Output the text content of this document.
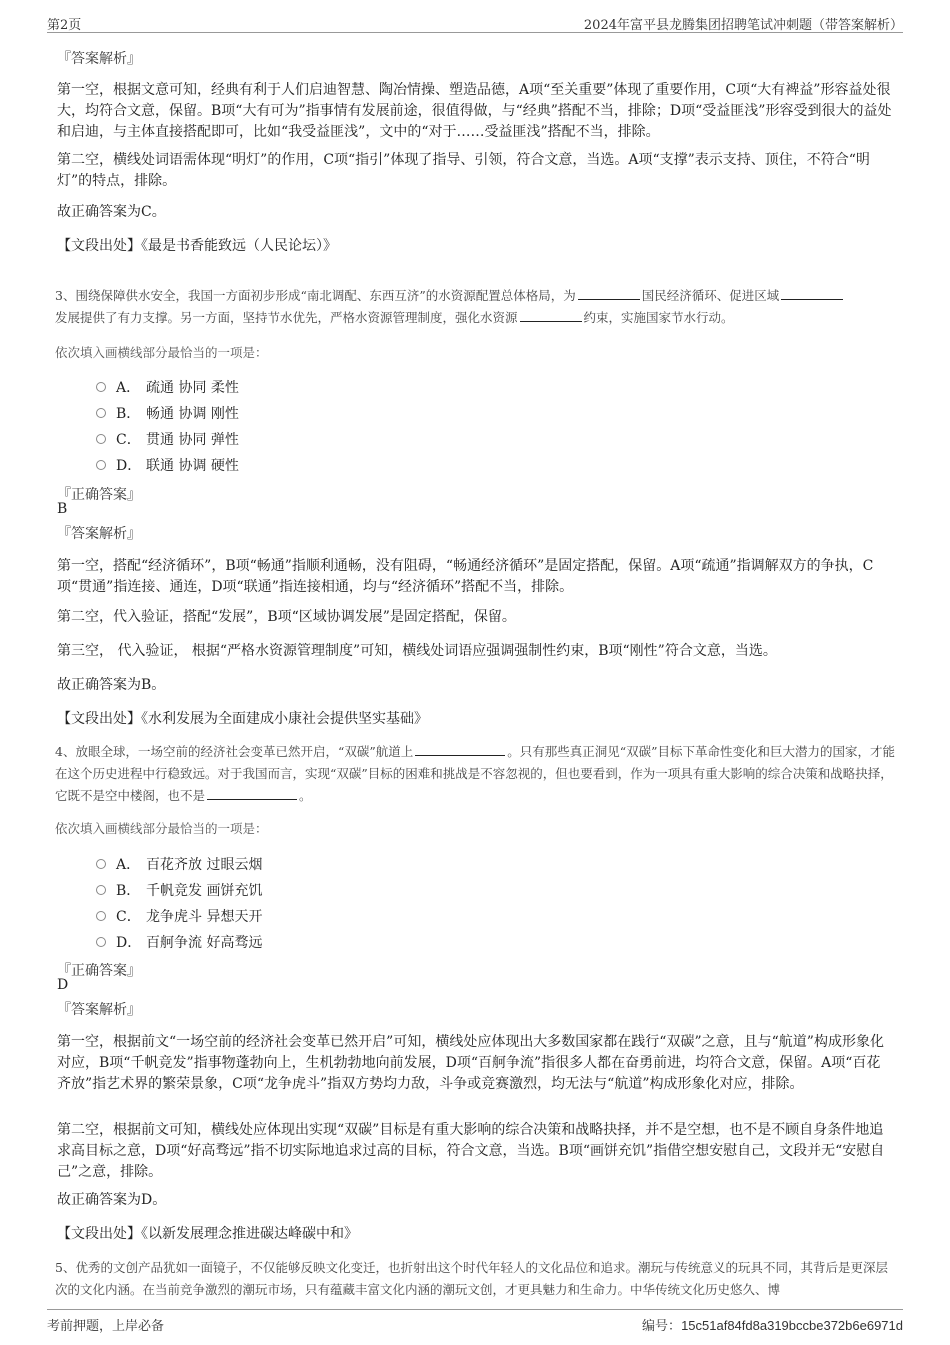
第2页	2024年富平县龙腾集团招聘笔试冲刺题（带答案解析）
『答案解析』
第一空，根据文意可知，经典有利于人们启迪智慧、陶冶情操、塑造品德，A项“至关重要”体现了重要作用，C项“大有裨益”形容益处很大，均符合文意，保留。B项“大有可为”指事情有发展前途，很值得做，与“经典”搭配不当，排除；D项“受益匪浅”形容受到很大的益处和启迪，与主体直接搭配即可，比如“我受益匪浅”，文中的“对于……受益匪浅”搭配不当，排除。
第二空，横线处词语需体现“明灯”的作用，C项“指引”体现了指导、引领，符合文意，当选。A项“支撑”表示支持、顶住，不符合“明灯”的特点，排除。
故正确答案为C。
【文段出处】《最是书香能致远（人民论坛）》
3、围绕保障供水安全，我国一方面初步形成“南北调配、东西互济”的水资源配置总体格局，为	国民经济循环、促进区域
发展提供了有力支撑。另一方面，坚持节水优先，严格水资源管理制度，强化水资源	约束，实施国家节水行动。
依次填入画横线部分最恰当的一项是：
A． 疏通 协同 柔性
B． 畅通 协调 刚性
C． 贯通 协同 弹性
D． 联通 协调 硬性
『正确答案』
B
『答案解析』
第一空，搭配“经济循环”，B项“畅通”指顺利通畅，没有阻碍，“畅通经济循环”是固定搭配，保留。A项“疏通”指调解双方的争执，C项“贯通”指连接、通连，D项“联通”指连接相通，均与“经济循环”搭配不当，排除。
第二空，代入验证，搭配“发展”，B项“区域协调发展”是固定搭配，保留。
第三空， 代入验证， 根据“严格水资源管理制度”可知，横线处词语应强调强制性约束，B项“刚性”符合文意，当选。
故正确答案为B。
【文段出处】《水利发展为全面建成小康社会提供坚实基础》
4、放眼全球，一场空前的经济社会变革已然开启，“双碳”航道上	。只有那些真正洞见“双碳”目标下革命性变化和巨大潜力的国家，才能在这个历史进程中行稳致远。对于我国而言，实现“双碳”目标的困难和挑战是不容忽视的，但也要看到，作为一项具有重大影响的综合决策和战略抉择，它既不是空中楼阁，也不是	。
依次填入画横线部分最恰当的一项是：
A． 百花齐放 过眼云烟
B． 千帆竞发 画饼充饥
C． 龙争虎斗 异想天开
D． 百舸争流 好高骛远
『正确答案』
D
『答案解析』
第一空，根据前文“一场空前的经济社会变革已然开启”可知，横线处应体现出大多数国家都在践行“双碳”之意，且与“航道”构成形象化对应，B项“千帆竞发”指事物蓬勃向上，生机勃勃地向前发展，D项“百舸争流”指很多人都在奋勇前进，均符合文意，保留。A项“百花齐放”指艺术界的繁荣景象，C项“龙争虎斗”指双方势均力敌，斗争或竞赛激烈，均无法与“航道”构成形象化对应，排除。
第二空，根据前文可知，横线处应体现出实现“双碳”目标是有重大影响的综合决策和战略抉择，并不是空想，也不是不顾自身条件地追求高目标之意，D项“好高骛远”指不切实际地追求过高的目标，符合文意，当选。B项“画饼充饥”指借空想安慰自己，文段并无“安慰自己”之意，排除。
故正确答案为D。
【文段出处】《以新发展理念推进碳达峰碳中和》
5、优秀的文创产品犹如一面镜子，不仅能够反映文化变迁，也折射出这个时代年轻人的文化品位和追求。潮玩与传统意义的玩具不同，其背后是更深层次的文化内涵。在当前竞争激烈的潮玩市场，只有蕴藏丰富文化内涵的潮玩文创，才更具魅力和生命力。中华传统文化历史悠久、博
考前押题，上岸必备	编号：15c51af84fd8a319bccbe372b6e6971d
